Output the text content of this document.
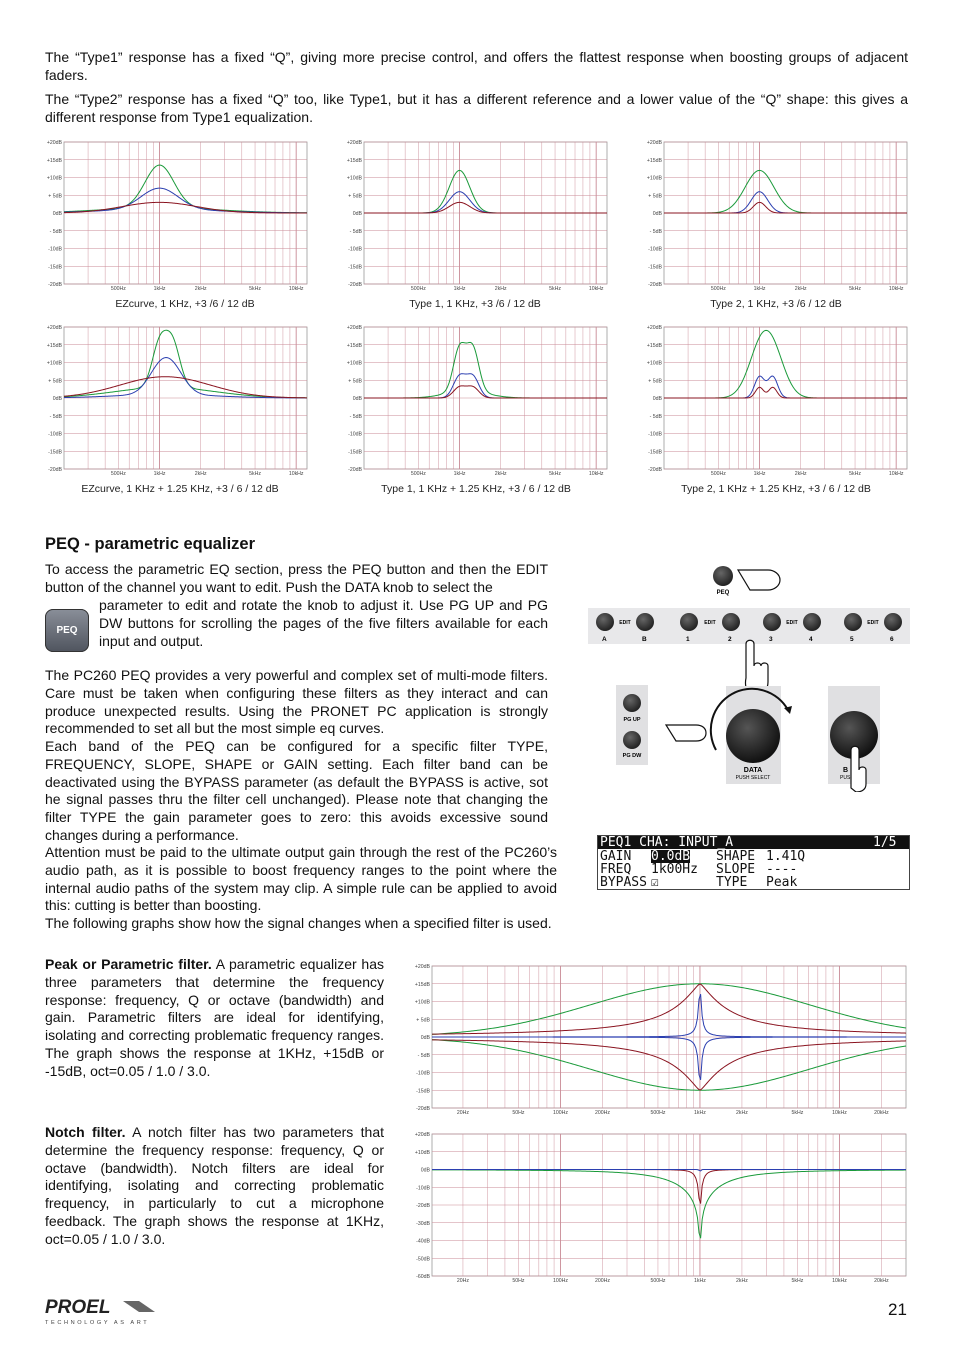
The “Type1” response has a fixed “Q”, giving more precise control, and offers the flattest response when boosting groups of adjacent faders.

The “Type2” response has a fixed “Q” too, like Type1, but it has a different reference and a lower value of the “Q” shape: this gives a different response from Type1 equalization.

+20dB
+15dB
+10dB
+ 5dB
0dB
- 5dB
-10dB
-15dB
-20dB
500Hz	1kHz	2kHz	5kHz	10kHz
+20dB
+15dB
+10dB
+ 5dB
0dB
- 5dB
-10dB
-15dB
-20dB
500Hz	1kHz	2kHz	5kHz	10kHz
+20dB
+15dB
+10dB
+ 5dB
0dB
- 5dB
-10dB
-15dB
-20dB
500Hz	1kHz	2kHz	5kHz	10kHz
+20dB
+15dB
+10dB
+ 5dB
0dB
- 5dB
-10dB
-15dB
-20dB
500Hz	1kHz	2kHz	5kHz	10kHz
+20dB
+15dB
+10dB
+ 5dB
0dB
- 5dB
-10dB
-15dB
-20dB
500Hz	1kHz	2kHz	5kHz	10kHz
+20dB
+15dB
+10dB
+ 5dB
0dB
- 5dB
-10dB
-15dB
-20dB
500Hz	1kHz	2kHz	5kHz	10kHz
EZcurve, 1 KHz, +3 /6 / 12 dB	Type 1, 1 KHz, +3 /6 / 12 dB	Type 2, 1 KHz, +3 /6 / 12 dB
EZcurve, 1 KHz + 1.25 KHz, +3 / 6 / 12 dB	Type 1, 1 KHz + 1.25 KHz, +3 / 6 / 12 dB	Type 2, 1 KHz + 1.25 KHz, +3 / 6 / 12 dB
PEQ - parametric equalizer

To access the parametric EQ section, press the PEQ button and then the EDIT button of the channel you want to edit. Push the DATA knob to select the

PEQ

parameter to edit and rotate the knob to adjust it. Use PG UP and PG DW buttons for scrolling the pages of the five filters available for each input and output.

The PC260 PEQ provides a very powerful and complex set of multi-mode filters. Care must be taken when configuring these filters as they interact and can produce unexpected results. Using the PRONET PC application is strongly recommended to set all but the most simple eq curves.

Each band of the PEQ can be configured for a specific filter TYPE, FREQUENCY, SLOPE, SHAPE or GAIN setting. Each filter band can be deactivated using the BYPASS parameter (as default the BYPASS is active, sot he signal passes thru the filter cell unchanged). Please note that changing the filter TYPE the gain parameter goes to zero: this avoids excessive sound changes during a performance.

Attention must be paid to the ultimate output gain through the rest of the PC260’s audio path, as it is possible to boost frequency ranges to the point where the internal audio paths of the system may clip. A simple rule can be applied to avoid this: cutting is better than boosting.

The following graphs show how the signal changes when a specified filter is used.

PEQ
A	B	1	2	3	4	5	6
EDIT	EDIT	EDIT	EDIT
PG UP
PG DW
DATA
PUSH SELECT
B
PUS
PEQ1 CHA: INPUT_A	1/5
GAIN 0.0dB SHAPE 1.41Q
FREQ 1k00Hz SLOPE ----
BYPASS ☑	TYPE Peak

Peak or Parametric filter. A parametric equalizer has three parameters that determine the frequency response: frequency, Q or octave (bandwidth) and gain. Parametric filters are ideal for identifying, isolating and correcting problematic frequency ranges. The graph shows the response at 1KHz, +15dB or -15dB, oct=0.05 / 1.0 / 3.0.

Notch filter. A notch filter has two parameters that determine the frequency response: frequency, Q or octave (bandwidth). Notch filters are ideal for identifying, isolating and correcting problematic frequency, in particularly to cut a microphone feedback. The graph shows the response at 1KHz, oct=0.05 / 1.0 / 3.0.

+20dB
+15dB
+10dB
+ 5dB
0dB
- 5dB
-10dB
-15dB
-20dB
20Hz	50Hz	100Hz	200Hz	500Hz	1kHz	2kHz	5kHz	10kHz	20kHz
+20dB
+10dB
0dB
-10dB
-20dB
-30dB
-40dB
-50dB
-60dB
20Hz	50Hz	100Hz	200Hz	500Hz	1kHz	2kHz	5kHz	10kHz	20kHz
PROEL
TECHNOLOGY AS ART
21
